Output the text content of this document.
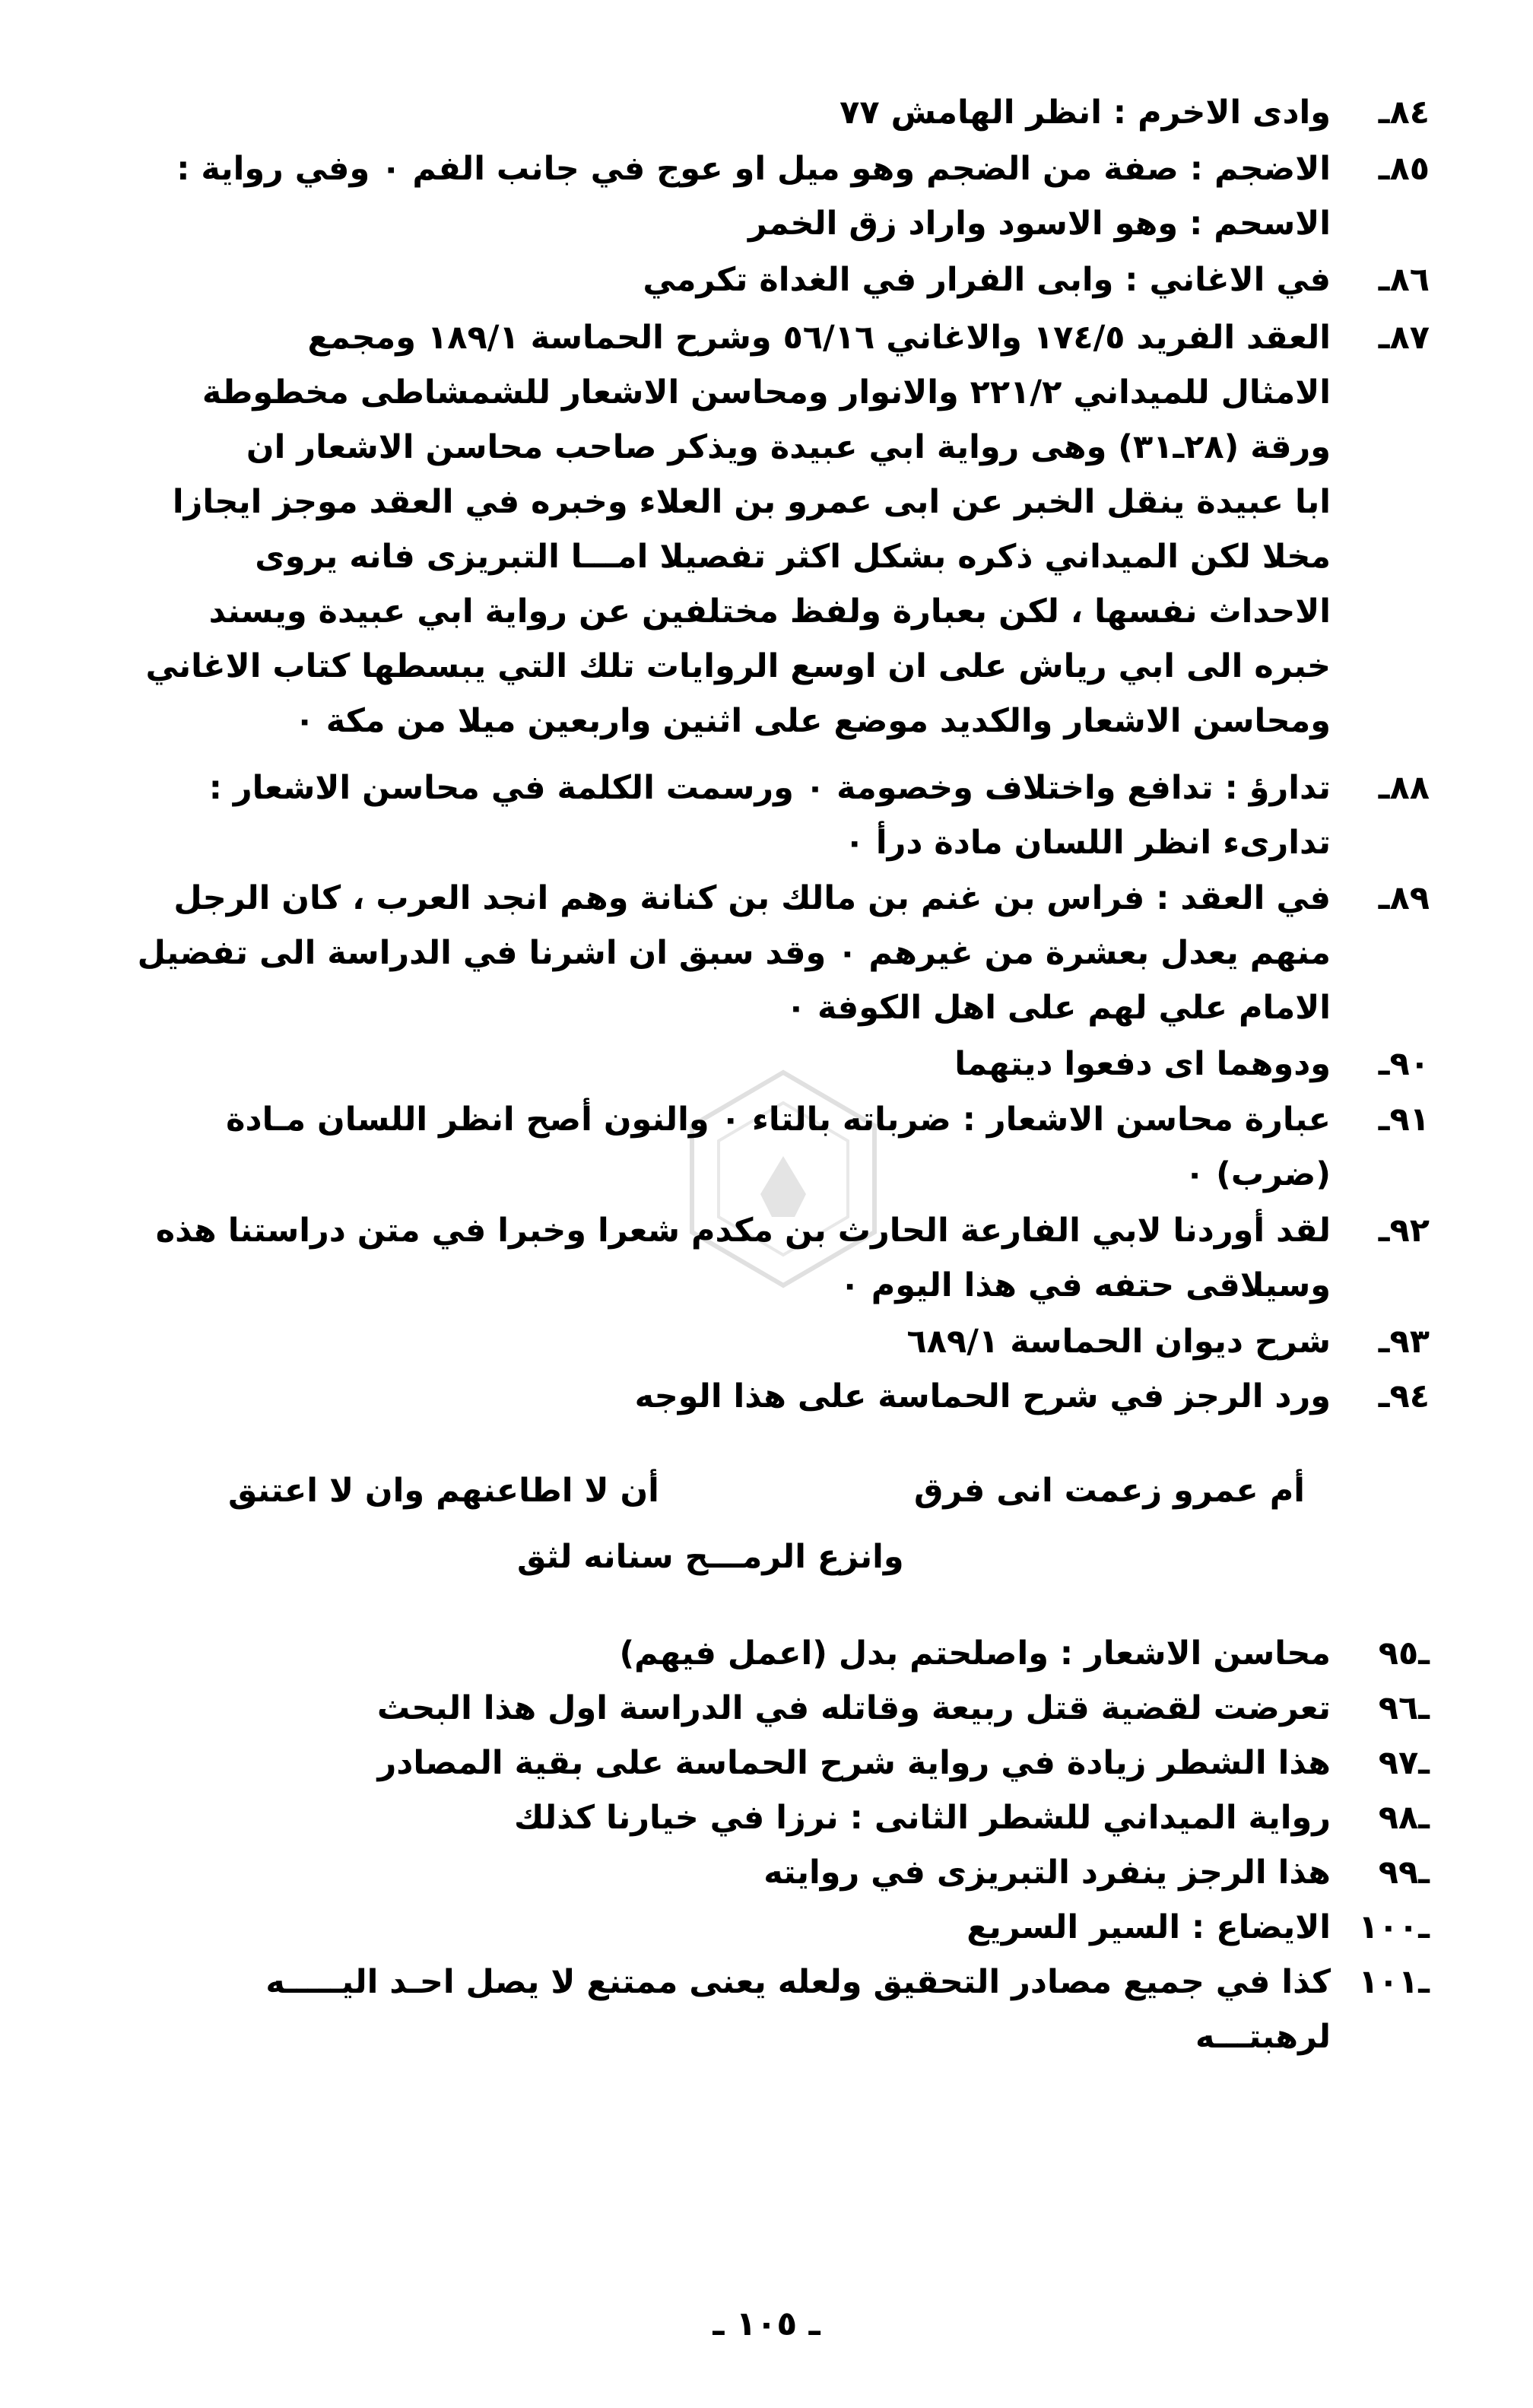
٨٤ـوادى الاخرم : انظر الهامش ٧٧
٨٥ـالاضجم : صفة من الضجم وهو ميل او عوج في جانب الفم ٠ وفي رواية :
الاسحم : وهو الاسود واراد زق الخمر
٨٦ـفي الاغاني : وابى الفرار في الغداة تكرمي
٨٧ـالعقد الفريد ١٧٤/٥ والاغاني ٥٦/١٦ وشرح الحماسة ١٨٩/١ ومجمع
الامثال للميداني ٢٢١/٢ والانوار ومحاسن الاشعار للشمشاطى مخطوطة
ورقة (٢٨ـ٣١) وهى رواية ابي عبيدة ويذكر صاحب محاسن الاشعار ان
ابا عبيدة ينقل الخبر عن ابى عمرو بن العلاء وخبره في العقد موجز ايجازا
مخلا لكن الميداني ذكره بشكل اكثر تفصيلا امـــا التبريزى فانه يروى
الاحداث نفسها ، لكن بعبارة ولفظ مختلفين عن رواية ابي عبيدة ويسند
خبره الى ابي رياش على ان اوسع الروايات تلك التي يبسطها كتاب الاغاني
ومحاسن الاشعار والكديد موضع على اثنين واربعين ميلا من مكة ٠
٨٨ـتدارؤ : تدافع واختلاف وخصومة ٠ ورسمت الكلمة في محاسن الاشعار :
تدارىء انظر اللسان مادة درأ ٠
٨٩ـفي العقد : فراس بن غنم بن مالك بن كنانة وهم انجد العرب ، كان الرجل
منهم يعدل بعشرة من غيرهم ٠ وقد سبق ان اشرنا في الدراسة الى تفضيل
الامام علي لهم على اهل الكوفة ٠
٩٠ـودوهما اى دفعوا ديتهما
٩١ـعبارة محاسن الاشعار : ضرباته بالتاء ٠ والنون أصح انظر اللسان مـادة
(ضرب) ٠
٩٢ـلقد أوردنا لابي الفارعة الحارث بن مكدم شعرا وخبرا في متن دراستنا هذه
وسيلاقى حتفه في هذا اليوم ٠
٩٣ـشرح ديوان الحماسة ٦٨٩/١
٩٤ـورد الرجز في شرح الحماسة على هذا الوجه
أم عمرو زعمت انى فرق
أن لا اطاعنهم وان لا اعتنق
وانزع الرمـــح سنانه لثق
ـ٩٥محاسن الاشعار : واصلحتم بدل (اعمل فيهم)
ـ٩٦تعرضت لقضية قتل ربيعة وقاتله في الدراسة اول هذا البحث
ـ٩٧هذا الشطر زيادة في رواية شرح الحماسة على بقية المصادر
ـ٩٨رواية الميداني للشطر الثانى : نرزا في خيارنا كذلك
ـ٩٩هذا الرجز ينفرد التبريزى في روايته
ـ١٠٠الايضاع : السير السريع
ـ١٠١كذا في جميع مصادر التحقيق ولعله يعنى ممتنع لا يصل احـد اليـــــه
لرهبتـــه
ـ ١٠٥ ـ
